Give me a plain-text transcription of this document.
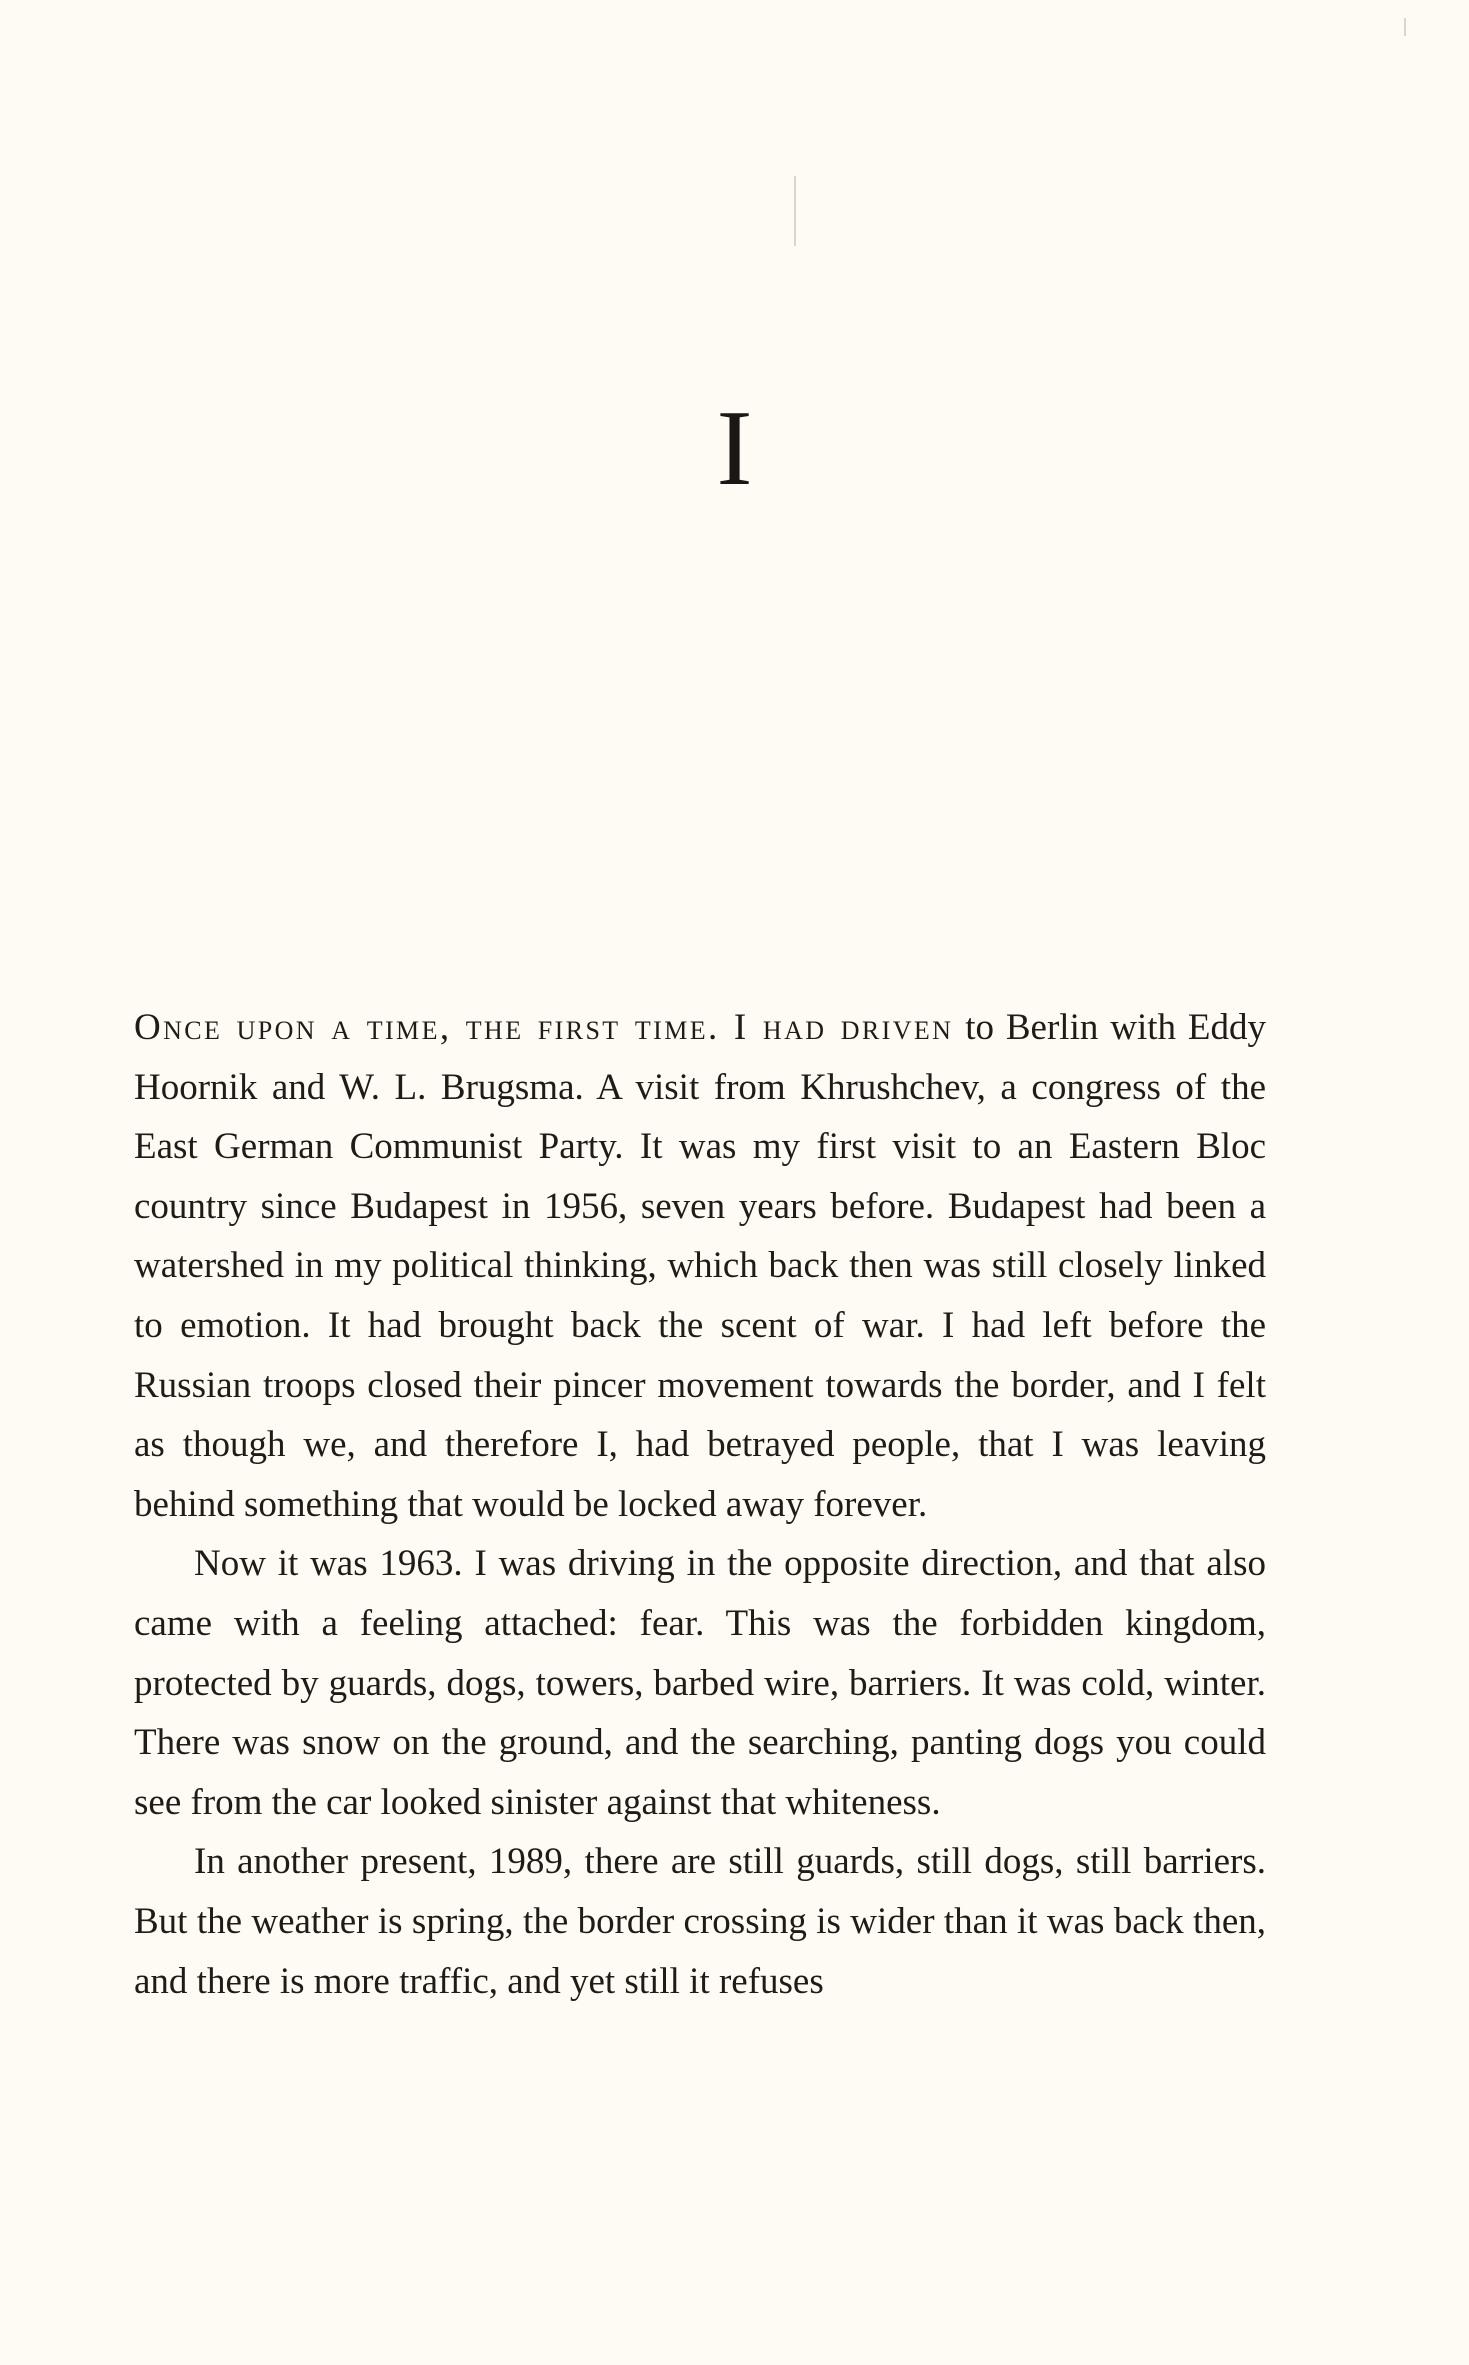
I

Once upon a time, the first time. I had driven to Berlin with Eddy Hoornik and W. L. Brugsma. A visit from Khrushchev, a congress of the East German Communist Party. It was my first visit to an Eastern Bloc country since Budapest in 1956, seven years before. Budapest had been a watershed in my political thinking, which back then was still closely linked to emotion. It had brought back the scent of war. I had left before the Russian troops closed their pincer movement towards the border, and I felt as though we, and therefore I, had betrayed people, that I was leaving behind something that would be locked away forever.

Now it was 1963. I was driving in the opposite direction, and that also came with a feeling attached: fear. This was the forbidden kingdom, protected by guards, dogs, towers, barbed wire, barriers. It was cold, winter. There was snow on the ground, and the searching, panting dogs you could see from the car looked sinister against that whiteness.

In another present, 1989, there are still guards, still dogs, still barriers. But the weather is spring, the border crossing is wider than it was back then, and there is more traffic, and yet still it refuses
